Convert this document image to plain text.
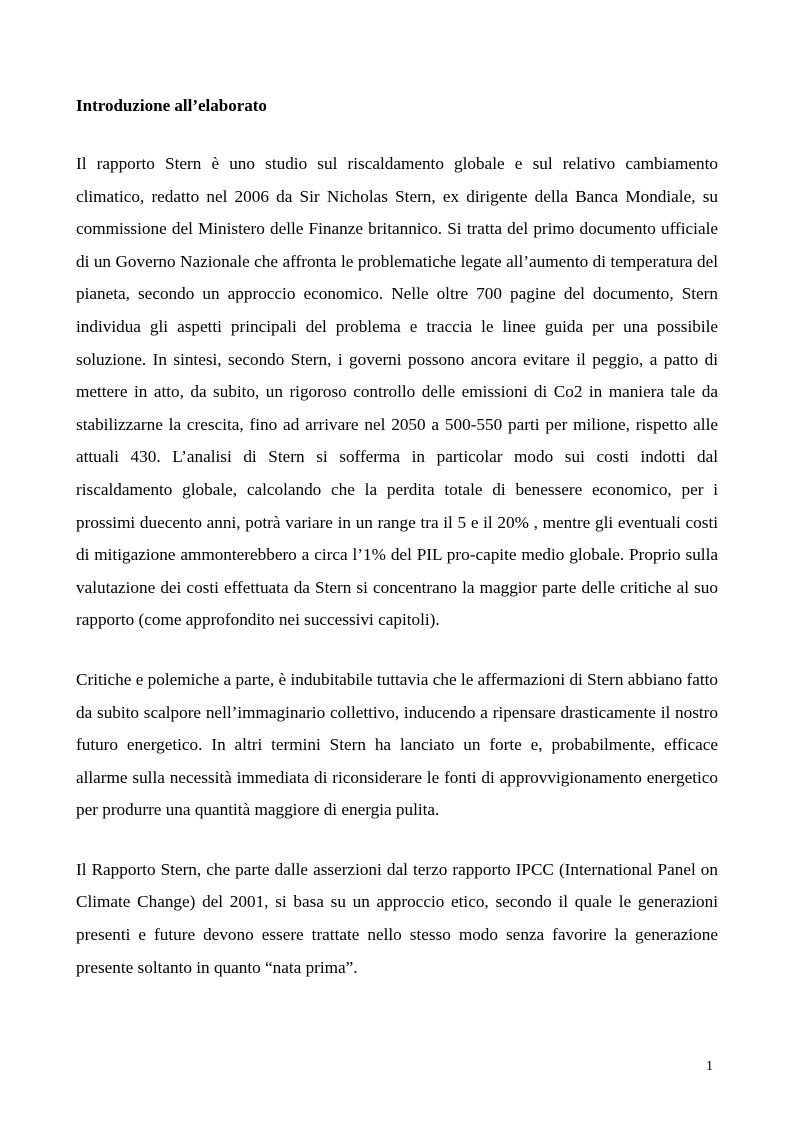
Introduzione all’elaborato

Il rapporto Stern è uno studio sul riscaldamento globale e sul relativo cambiamento climatico, redatto nel 2006 da Sir Nicholas Stern, ex dirigente della Banca Mondiale, su commissione del Ministero delle Finanze britannico. Si tratta del primo documento ufficiale di un Governo Nazionale che affronta le problematiche legate all’aumento di temperatura del pianeta, secondo un approccio economico. Nelle oltre 700 pagine del documento, Stern individua gli aspetti principali del problema e traccia le linee guida per una possibile soluzione. In sintesi, secondo Stern, i governi possono ancora evitare il peggio, a patto di mettere in atto, da subito, un rigoroso controllo delle emissioni di Co2 in maniera tale da stabilizzarne la crescita, fino ad arrivare nel 2050 a 500-550 parti per milione, rispetto alle attuali 430. L’analisi di Stern si sofferma in particolar modo sui costi indotti dal riscaldamento globale, calcolando che la perdita totale di benessere economico, per i prossimi duecento anni, potrà variare in un range tra il 5 e il 20% , mentre gli eventuali costi di mitigazione ammonterebbero a circa l’1% del PIL pro-capite medio globale. Proprio sulla valutazione dei costi effettuata da Stern si concentrano la maggior parte delle critiche al suo rapporto (come approfondito nei successivi capitoli).

Critiche e polemiche a parte, è indubitabile tuttavia che le affermazioni di Stern abbiano fatto da subito scalpore nell’immaginario collettivo, inducendo a ripensare drasticamente il nostro futuro energetico. In altri termini Stern ha lanciato un forte e, probabilmente, efficace allarme sulla necessità immediata di riconsiderare le fonti di approvvigionamento energetico per produrre una quantità maggiore di energia pulita.

Il Rapporto Stern, che parte dalle asserzioni dal terzo rapporto IPCC (International Panel on Climate Change) del 2001, si basa su un approccio etico, secondo il quale le generazioni presenti e future devono essere trattate nello stesso modo senza favorire la generazione presente soltanto in quanto “nata prima”.

1
